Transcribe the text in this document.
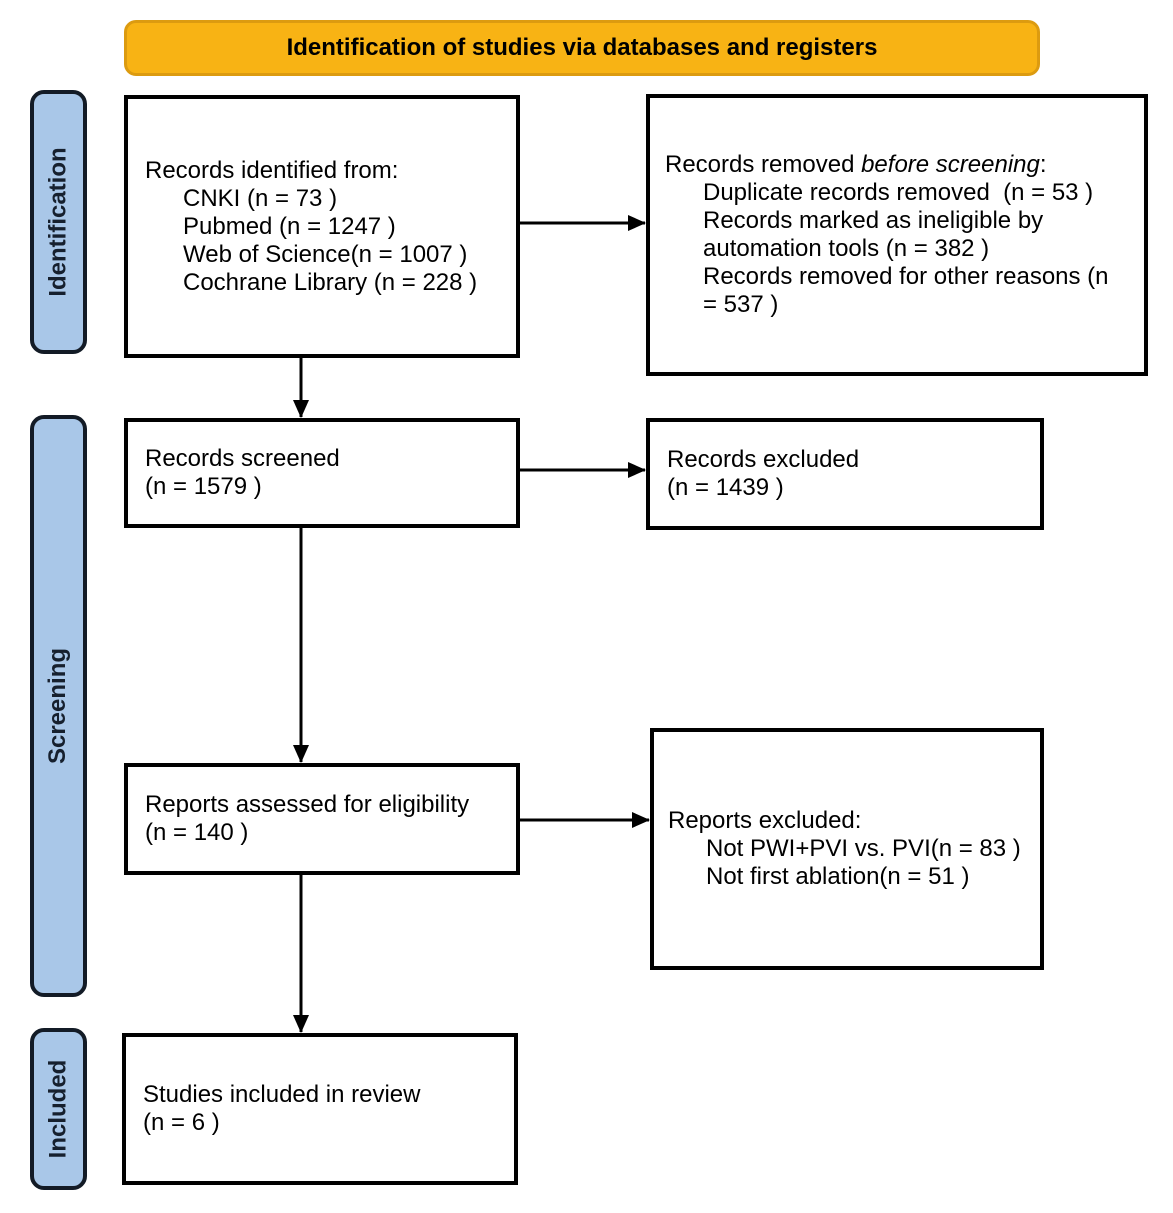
Identification of studies via databases and registers
Identification
Screening
Included
Records identified from:
CNKI (n = 73 )
Pubmed (n = 1247 )
Web of Science(n = 1007 )
Cochrane Library (n = 228 )
Records removed before screening:
Duplicate records removed  (n = 53 )
Records marked as ineligible by automation tools (n = 382 )
Records removed for other reasons (n = 537 )
Records screened
(n = 1579 )
Records excluded
(n = 1439 )
Reports assessed for eligibility
(n = 140 )	Reports excluded:
Not PWI+PVI vs. PVI(n = 83 )
Not first ablation(n = 51 )
Studies included in review
(n = 6 )
